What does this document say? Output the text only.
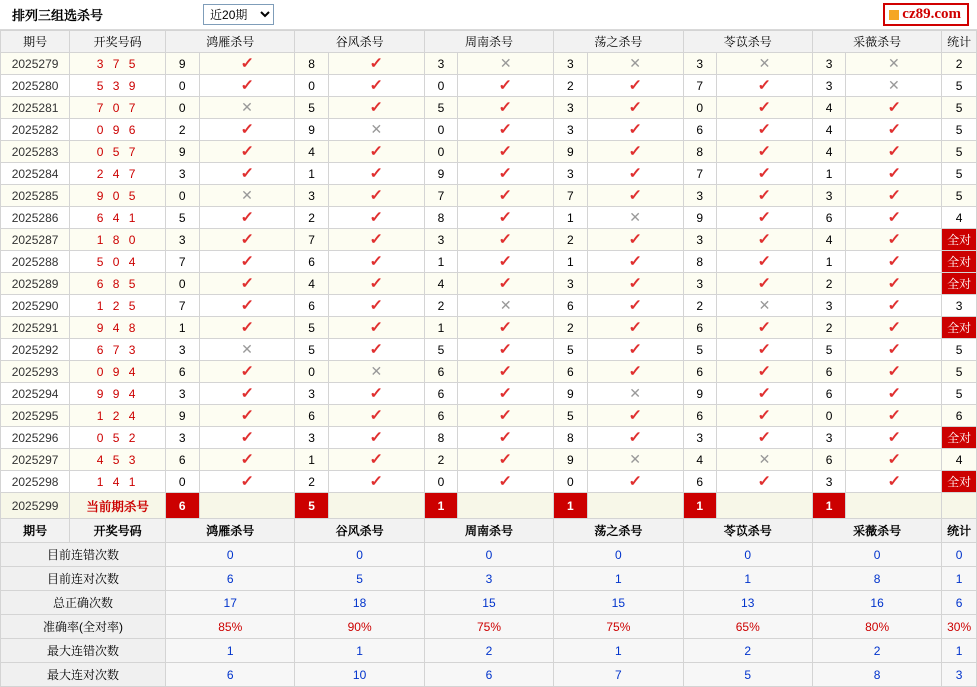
排列三组选杀号
近20期	cz89.com
期号	开奖号码	鸿雁杀号		谷风杀号		周南杀号		荡之杀号		苓苡杀号		采薇杀号		统计
2025279	3 7 5	9	✓	8	✓	3	✕	3	✕	3	✕	3	✕	2
2025280	5 3 9	0	✓	0	✓	0	✓	2	✓	7	✓	3	✕	5
2025281	7 0 7	0	✕	5	✓	5	✓	3	✓	0	✓	4	✓	5
2025282	0 9 6	2	✓	9	✕	0	✓	3	✓	6	✓	4	✓	5
2025283	0 5 7	9	✓	4	✓	0	✓	9	✓	8	✓	4	✓	5
2025284	2 4 7	3	✓	1	✓	9	✓	3	✓	7	✓	1	✓	5
2025285	9 0 5	0	✕	3	✓	7	✓	7	✓	3	✓	3	✓	5
2025286	6 4 1	5	✓	2	✓	8	✓	1	✕	9	✓	6	✓	4
2025287	1 8 0	3	✓	7	✓	3	✓	2	✓	3	✓	4	✓	全对
2025288	5 0 4	7	✓	6	✓	1	✓	1	✓	8	✓	1	✓	全对
2025289	6 8 5	0	✓	4	✓	4	✓	3	✓	3	✓	2	✓	全对
2025290	1 2 5	7	✓	6	✓	2	✕	6	✓	2	✕	3	✓	3
2025291	9 4 8	1	✓	5	✓	1	✓	2	✓	6	✓	2	✓	全对
2025292	6 7 3	3	✕	5	✓	5	✓	5	✓	5	✓	5	✓	5
2025293	0 9 4	6	✓	0	✕	6	✓	6	✓	6	✓	6	✓	5
2025294	9 9 4	3	✓	3	✓	6	✓	9	✕	9	✓	6	✓	5
2025295	1 2 4	9	✓	6	✓	6	✓	5	✓	6	✓	0	✓	6
2025296	0 5 2	3	✓	3	✓	8	✓	8	✓	3	✓	3	✓	全对
2025297	4 5 3	6	✓	1	✓	2	✓	9	✕	4	✕	6	✓	4
2025298	1 4 1	0	✓	2	✓	0	✓	0	✓	6	✓	3	✓	全对
2025299	当前期杀号	6		5		1		1		1		1		
期号	开奖号码	鸿雁杀号		谷风杀号		周南杀号		荡之杀号		苓苡杀号		采薇杀号		统计
目前连错次数		0		0		0		0		0		0		0
目前连对次数		6		5		3		1		1		8		1
总正确次数		17		18		15		15		13		16		6
准确率(全对率)		85%		90%		75%		75%		65%		80%		30%
最大连错次数		1		1		2		1		2		2		1
最大连对次数		6		10		6		7		5		8		3
